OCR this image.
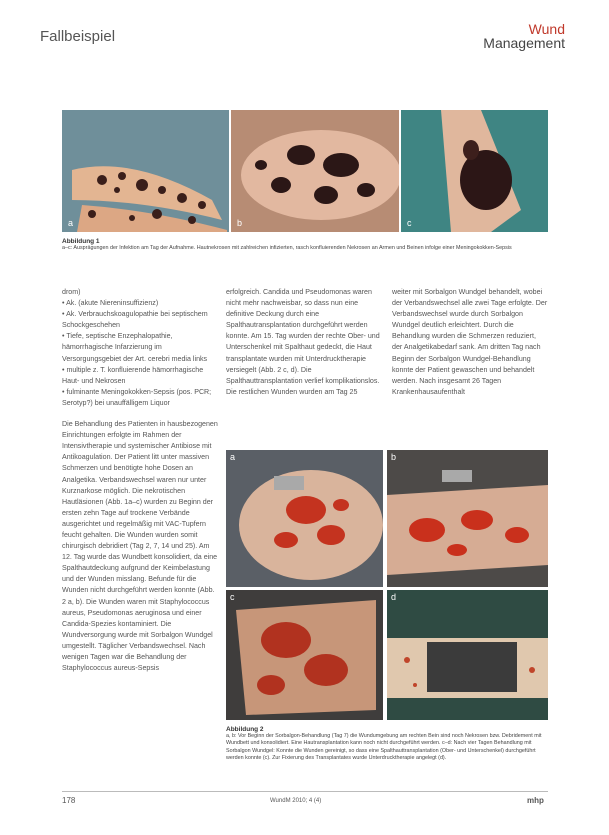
Fallbeispiel	Wund
Management
a	b	c
Abbildung 1
a–c: Ausprägungen der Infektion am Tag der Aufnahme. Hautnekrosen mit zahlreichen infizierten, rasch konfluierenden Nekrosen an Armen und Beinen infolge einer Meningokokken-Sepsis

drom)

• Ak. (akute Niereninsuffizienz)
• Ak. Verbrauchskoagulopathie bei septischem Schockgeschehen
• Tiefe, septische Enzephalopathie, hämorrhagische Infarzierung im Versorgungsgebiet der Art. cerebri media links
• multiple z. T. konfluierende hämorrhagische Haut- und Nekrosen
• fulminante Meningokokken-Sepsis (pos. PCR; Serotyp?) bei unauffälligem Liquor

Die Behandlung des Patienten in hausbezogenen Einrichtungen erfolgte im Rahmen der Intensivtherapie und systemischer Antibiose mit Antikoagulation. Der Patient litt unter massiven Schmerzen und benötigte hohe Dosen an Analgetika. Verbandswechsel waren nur unter Kurznarkose möglich. Die nekrotischen Hautläsionen (Abb. 1a–c) wurden zu Beginn der ersten zehn Tage auf trockene Verbände ausgerichtet und regelmäßig mit VAC-Tupfern feucht gehalten. Die Wunden wurden somit chirurgisch debridiert (Tag 2, 7, 14 und 25). Am 12. Tag wurde das Wundbett konsolidiert, da eine Spalthautdeckung aufgrund der Keimbelastung und der Wunden misslang. Befunde für die Wunden nicht durchgeführt werden konnte (Abb. 2 a, b). Die Wunden waren mit Staphylococcus aureus, Pseudomonas aeruginosa und einer Candida-Spezies kontaminiert. Die Wundversorgung wurde mit Sorbalgon Wundgel umgestellt. Täglicher Verbandswechsel. Nach wenigen Tagen war die Behandlung der Staphylococcus aureus-Sepsis

erfolgreich. Candida und Pseudomonas waren nicht mehr nachweisbar, so dass nun eine definitive Deckung durch eine Spalthautransplantation durchgeführt werden konnte. Am 15. Tag wurden der rechte Ober- und Unterschenkel mit Spalthaut gedeckt, die Haut transplantate wurden mit Unterdrucktherapie versiegelt (Abb. 2 c, d). Die Spalthauttransplantation verlief komplikationslos. Die restlichen Wunden wurden am Tag 25

weiter mit Sorbalgon Wundgel behandelt, wobei der Verbandswechsel alle zwei Tage erfolgte. Der Verbandswechsel wurde durch Sorbalgon Wundgel deutlich erleichtert. Durch die Behandlung wurden die Schmerzen reduziert, der Analgetikabedarf sank. Am dritten Tag nach Beginn der Sorbalgon Wundgel-Behandlung konnte der Patient gewaschen und behandelt werden. Nach insgesamt 26 Tagen Krankenhausaufenthalt

a	b
c	d
Abbildung 2
a, b: Vor Beginn der Sorbalgon-Behandlung (Tag 7) die Wundumgebung am rechten Bein sind noch Nekrosen bzw. Debridement mit Wundbett und konsolidiert. Eine Hautransplantation kann noch nicht durchgeführt werden. c–d: Nach vier Tagen Behandlung mit Sorbalgon Wundgel: Konnte die Wunden gereinigt, so dass eine Spalthauttransplantation (Ober- und Unterschenkel) durchgeführt werden konnte (c). Zur Fixierung des Transplantates wurde Unterdrucktherapie angelegt (d).
178	WundM 2010; 4 (4)	mhp
